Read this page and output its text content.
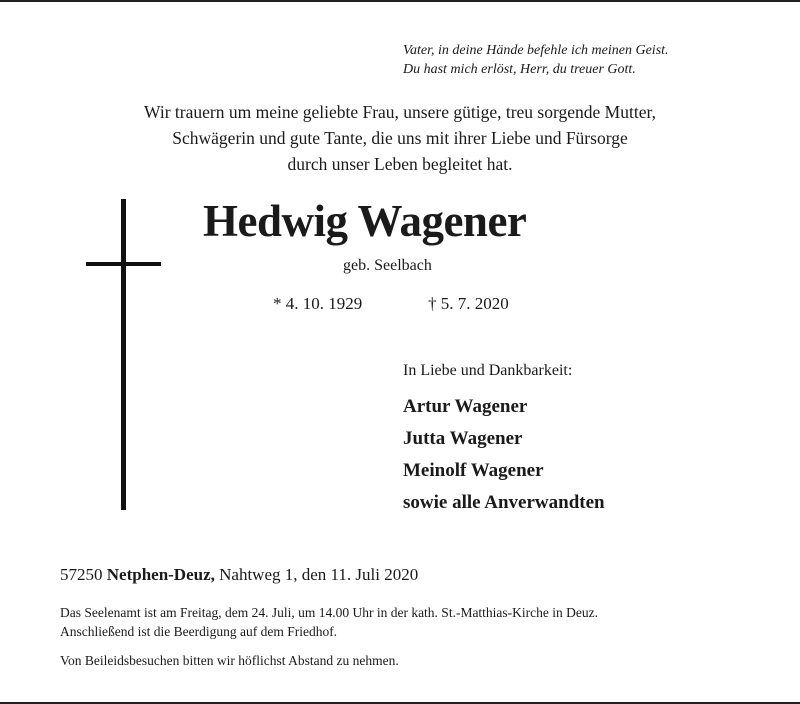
Vater, in deine Hände befehle ich meinen Geist.
Du hast mich erlöst, Herr, du treuer Gott.
Wir trauern um meine geliebte Frau, unsere gütige, treu sorgende Mutter,
Schwägerin und gute Tante, die uns mit ihrer Liebe und Fürsorge
durch unser Leben begleitet hat.
Hedwig Wagener
geb. Seelbach
* 4. 10. 1929	† 5. 7. 2020
In Liebe und Dankbarkeit:
Artur Wagener
Jutta Wagener
Meinolf Wagener
sowie alle Anverwandten
57250 Netphen-Deuz, Nahtweg 1, den 11. Juli 2020

Das Seelenamt ist am Freitag, dem 24. Juli, um 14.00 Uhr in der kath. St.-Matthias-Kirche in Deuz.

Anschließend ist die Beerdigung auf dem Friedhof.

Von Beileidsbesuchen bitten wir höflichst Abstand zu nehmen.
